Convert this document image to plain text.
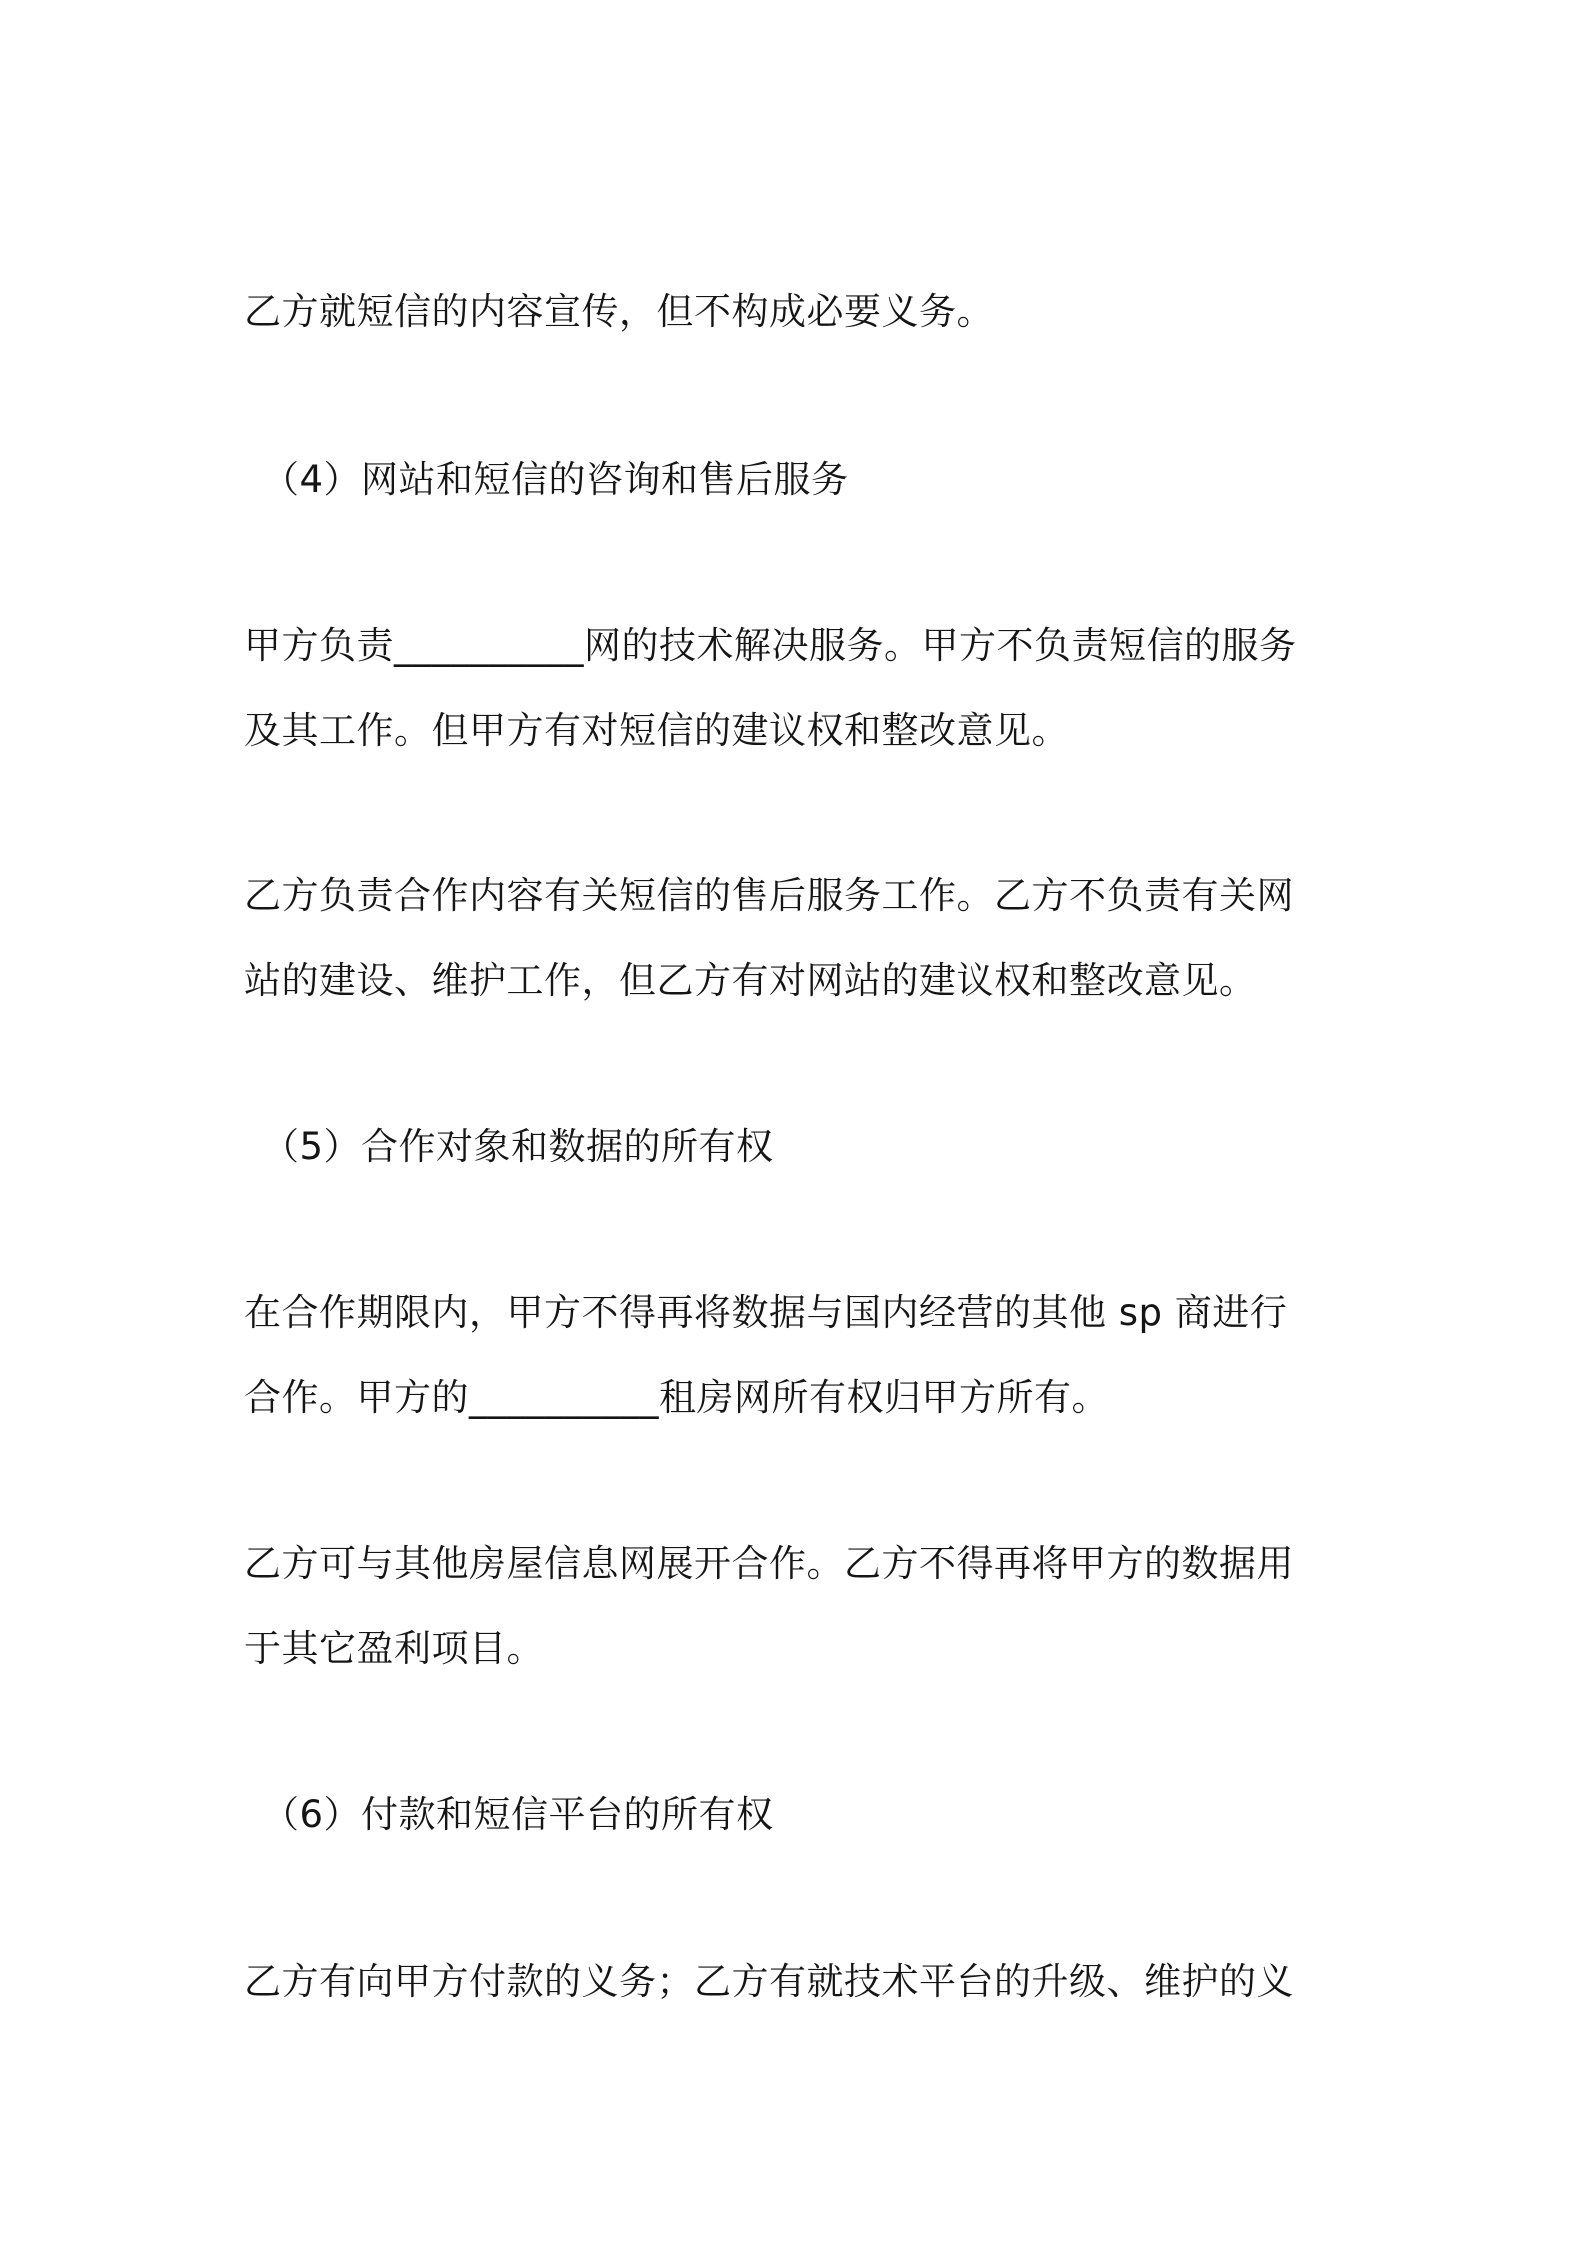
乙方就短信的内容宣传，但不构成必要义务。

（4）网站和短信的咨询和售后服务

甲方负责__________网的技术解决服务。甲方不负责短信的服务

及其工作。但甲方有对短信的建议权和整改意见。

乙方负责合作内容有关短信的售后服务工作。乙方不负责有关网

站的建设、维护工作，但乙方有对网站的建议权和整改意见。

（5）合作对象和数据的所有权

在合作期限内，甲方不得再将数据与国内经营的其他 sp 商进行

合作。甲方的__________租房网所有权归甲方所有。

乙方可与其他房屋信息网展开合作。乙方不得再将甲方的数据用

于其它盈利项目。

（6）付款和短信平台的所有权

乙方有向甲方付款的义务；乙方有就技术平台的升级、维护的义
